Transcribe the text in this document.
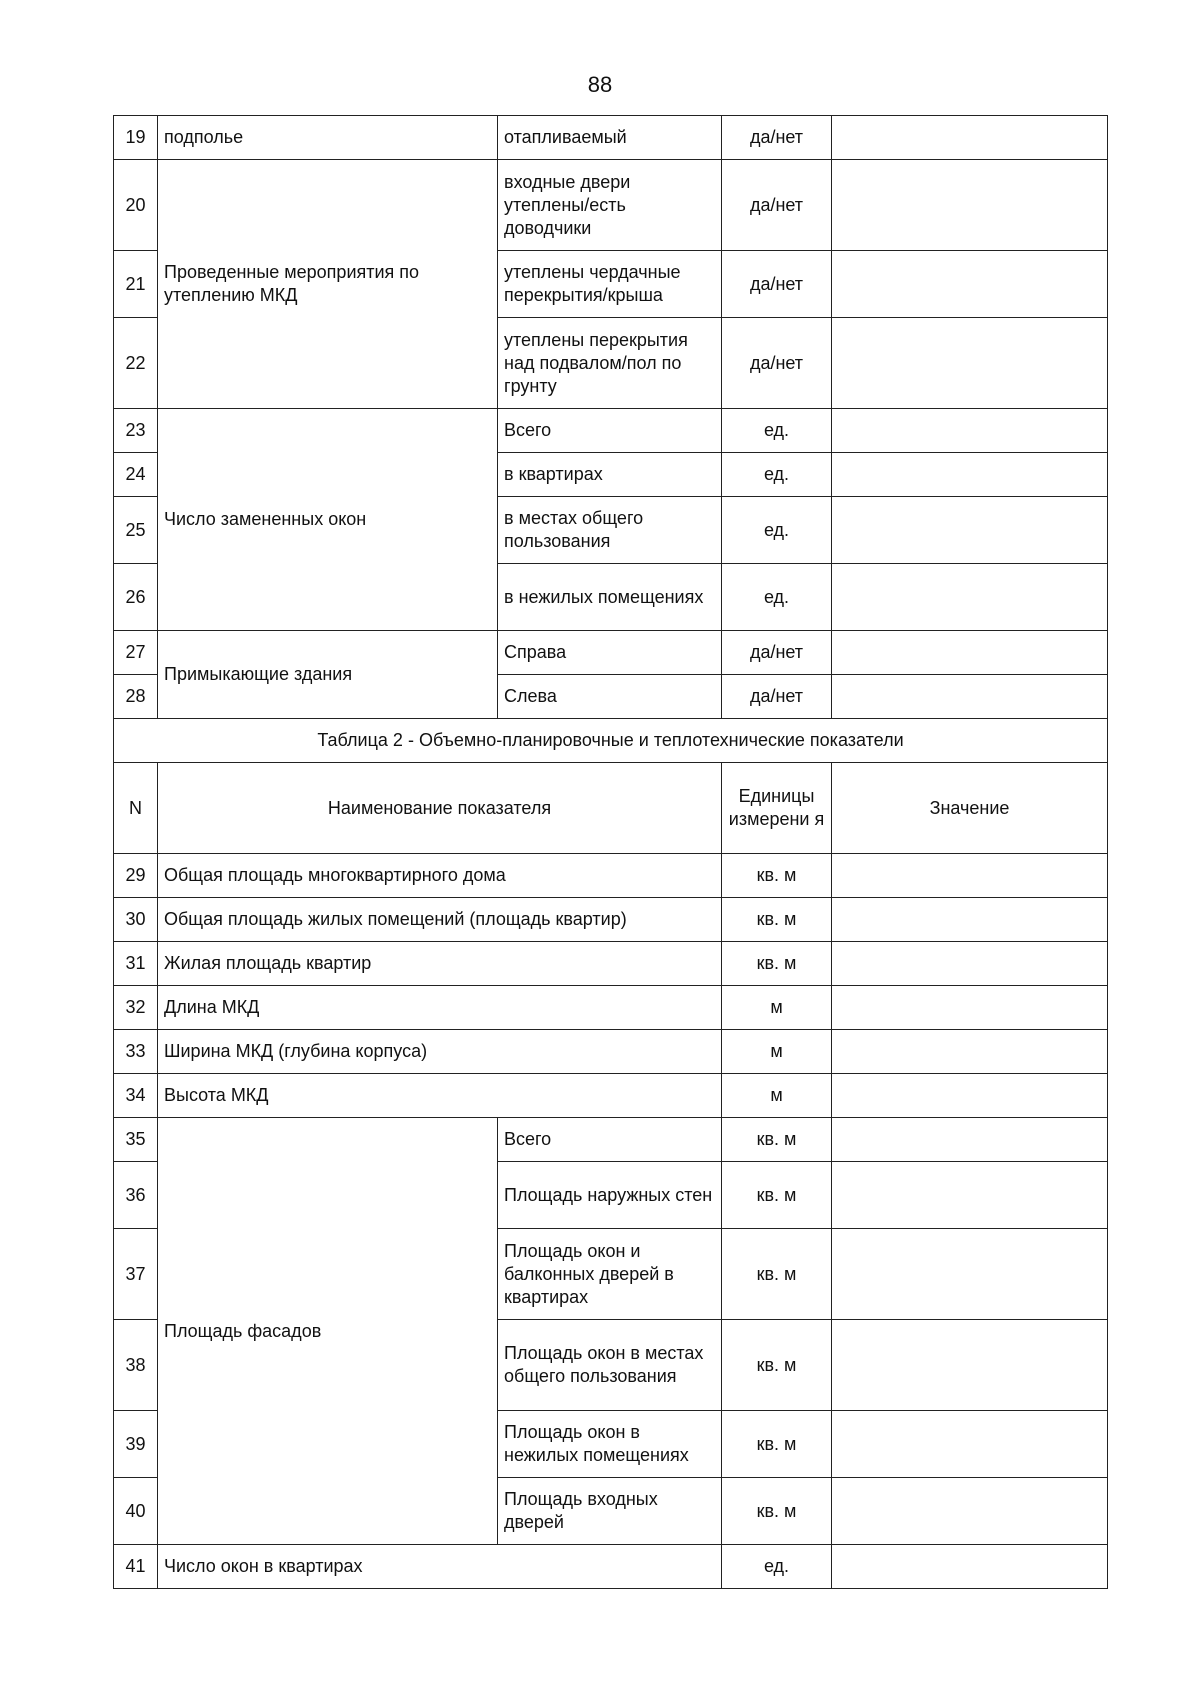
88
19	подполье	отапливаемый	да/нет	
20	Проведенные мероприятия по утеплению МКД	входные двери утеплены/есть доводчики	да/нет	
21		утеплены чердачные перекрытия/крыша	да/нет	
22		утеплены перекрытия над подвалом/пол по грунту	да/нет	
23	Число замененных окон	Всего	ед.	
24		в квартирах	ед.	
25		в местах общего пользования	ед.	
26		в нежилых помещениях	ед.	
27	Примыкающие здания	Справа	да/нет	
28		Слева	да/нет	
Таблица 2 - Объемно-планировочные и теплотехнические показатели				
N	Наименование показателя		Единицы измерени я	Значение
29	Общая площадь многоквартирного дома		кв. м	
30	Общая площадь жилых помещений (площадь квартир)		кв. м	
31	Жилая площадь квартир		кв. м	
32	Длина МКД		м	
33	Ширина МКД (глубина корпуса)		м	
34	Высота МКД		м	
35	Площадь фасадов	Всего	кв. м	
36		Площадь наружных стен	кв. м	
37		Площадь окон и балконных дверей в квартирах	кв. м	
38		Площадь окон в местах общего пользования	кв. м	
39		Площадь окон в нежилых помещениях	кв. м	
40		Площадь входных дверей	кв. м	
41	Число окон в квартирах		ед.	
